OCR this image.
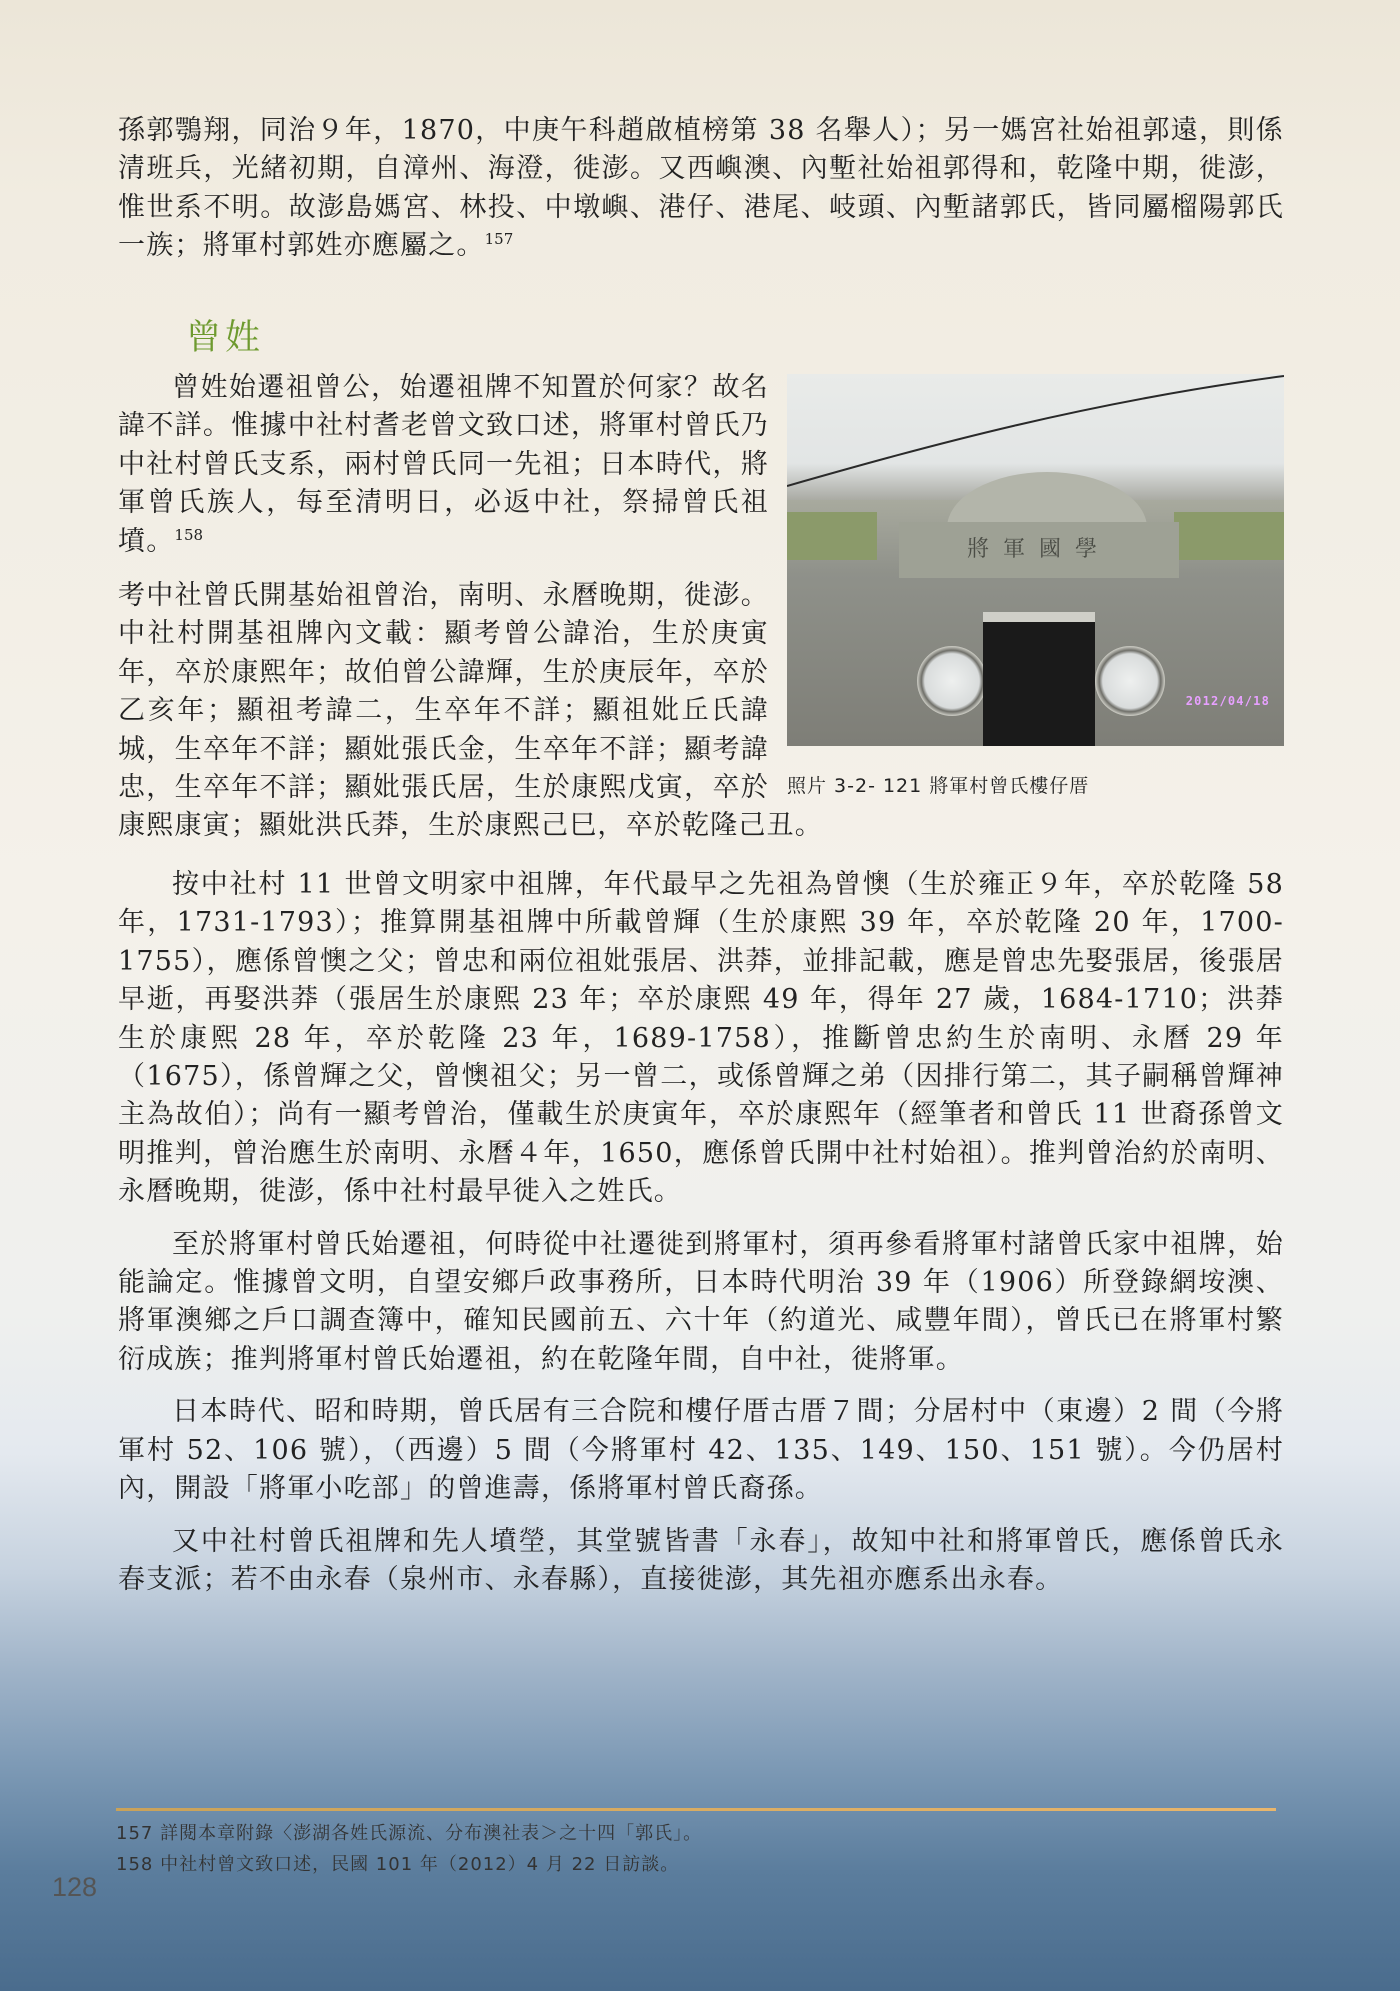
孫郭鶚翔，同治９年，1870，中庚午科趙啟植榜第 38 名舉人）；另一媽宮社始祖郭遠，則係清班兵，光緒初期，自漳州、海澄，徙澎。又西嶼澳、內塹社始祖郭得和，乾隆中期，徙澎，惟世系不明。故澎島媽宮、林投、中墩嶼、港仔、港尾、岐頭、內塹諸郭氏，皆同屬榴陽郭氏一族；將軍村郭姓亦應屬之。$^{157}$

曾姓
將軍國學
2012/04/18
照片 3-2- 121 將軍村曾氏樓仔厝
曾姓始遷祖曾公，始遷祖牌不知置於何家？故名諱不詳。惟據中社村耆老曾文致口述，將軍村曾氏乃中社村曾氏支系，兩村曾氏同一先祖；日本時代，將軍曾氏族人，每至清明日，必返中社，祭掃曾氏祖墳。$^{158}$
考中社曾氏開基始祖曾治，南明、永曆晚期，徙澎。中社村開基祖牌內文載：顯考曾公諱治，生於庚寅年，卒於康熙年；故伯曾公諱輝，生於庚辰年，卒於乙亥年；顯祖考諱二，生卒年不詳；顯祖妣丘氏諱城，生卒年不詳；顯妣張氏金，生卒年不詳；顯考諱忠，生卒年不詳；顯妣張氏居，生於康熙戊寅，卒於康熙康寅；顯妣洪氏莽，生於康熙己巳，卒於乾隆己丑。

按中社村 11 世曾文明家中祖牌，年代最早之先祖為曾懊（生於雍正９年，卒於乾隆 58 年，1731-1793）；推算開基祖牌中所載曾輝（生於康熙 39 年，卒於乾隆 20 年，1700-1755），應係曾懊之父；曾忠和兩位祖妣張居、洪莽，並排記載，應是曾忠先娶張居，後張居早逝，再娶洪莽（張居生於康熙 23 年；卒於康熙 49 年，得年 27 歲，1684-1710；洪莽生於康熙 28 年，卒於乾隆 23 年，1689-1758），推斷曾忠約生於南明、永曆 29 年（1675），係曾輝之父，曾懊祖父；另一曾二，或係曾輝之弟（因排行第二，其子嗣稱曾輝神主為故伯）；尚有一顯考曾治，僅載生於庚寅年，卒於康熙年（經筆者和曾氏 11 世裔孫曾文明推判，曾治應生於南明、永曆４年，1650，應係曾氏開中社村始祖）。推判曾治約於南明、永曆晚期，徙澎，係中社村最早徙入之姓氏。

至於將軍村曾氏始遷祖，何時從中社遷徙到將軍村，須再參看將軍村諸曾氏家中祖牌，始能論定。惟據曾文明，自望安鄉戶政事務所，日本時代明治 39 年（1906）所登錄網垵澳、將軍澳鄉之戶口調查簿中，確知民國前五、六十年（約道光、咸豐年間），曾氏已在將軍村繁衍成族；推判將軍村曾氏始遷祖，約在乾隆年間，自中社，徙將軍。

日本時代、昭和時期，曾氏居有三合院和樓仔厝古厝７間；分居村中（東邊）2 間（今將軍村 52、106 號），（西邊）5 間（今將軍村 42、135、149、150、151 號）。今仍居村內，開設「將軍小吃部」的曾進壽，係將軍村曾氏裔孫。

又中社村曾氏祖牌和先人墳塋，其堂號皆書「永春」，故知中社和將軍曾氏，應係曾氏永春支派；若不由永春（泉州市、永春縣），直接徙澎，其先祖亦應系出永春。

157 詳閱本章附錄〈澎湖各姓氏源流、分布澳社表＞之十四「郭氏」。
158 中社村曾文致口述，民國 101 年（2012）4 月 22 日訪談。
128
